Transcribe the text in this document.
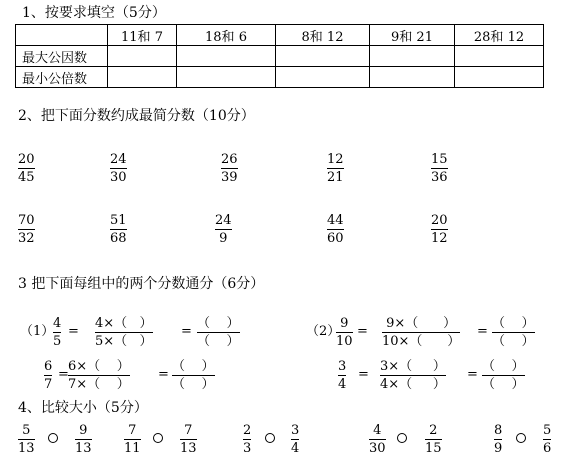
1、按要求填空（5分）
	11和 7	18和 6	8和 12	9和 21	28和 12
最大公因数					
最小公倍数					
2、把下面分数约成最简分数（10分）
20
45
24
30
26
39
12
21
15
36
70
32
51
68
24
9
44
60
20
12
3 把下面每组中的两个分数通分（6分）
（1）
4
5
=
4×（   ）
5×（   ）
=
（    ）
（    ）
6
7
=
6×（    ）
7×（    ）
=
（    ）
（    ）
（2）
9
10
=
9×（      ）
10×（      ）
=
（    ）
（    ）
3
4
=
3×（     ）
4×（     ）
=
（    ）
（    ）
4、比较大小（5分）
5
13
9
13
7
11
7
13
2
3
3
4
4
30
2
15
8
9
5
6
